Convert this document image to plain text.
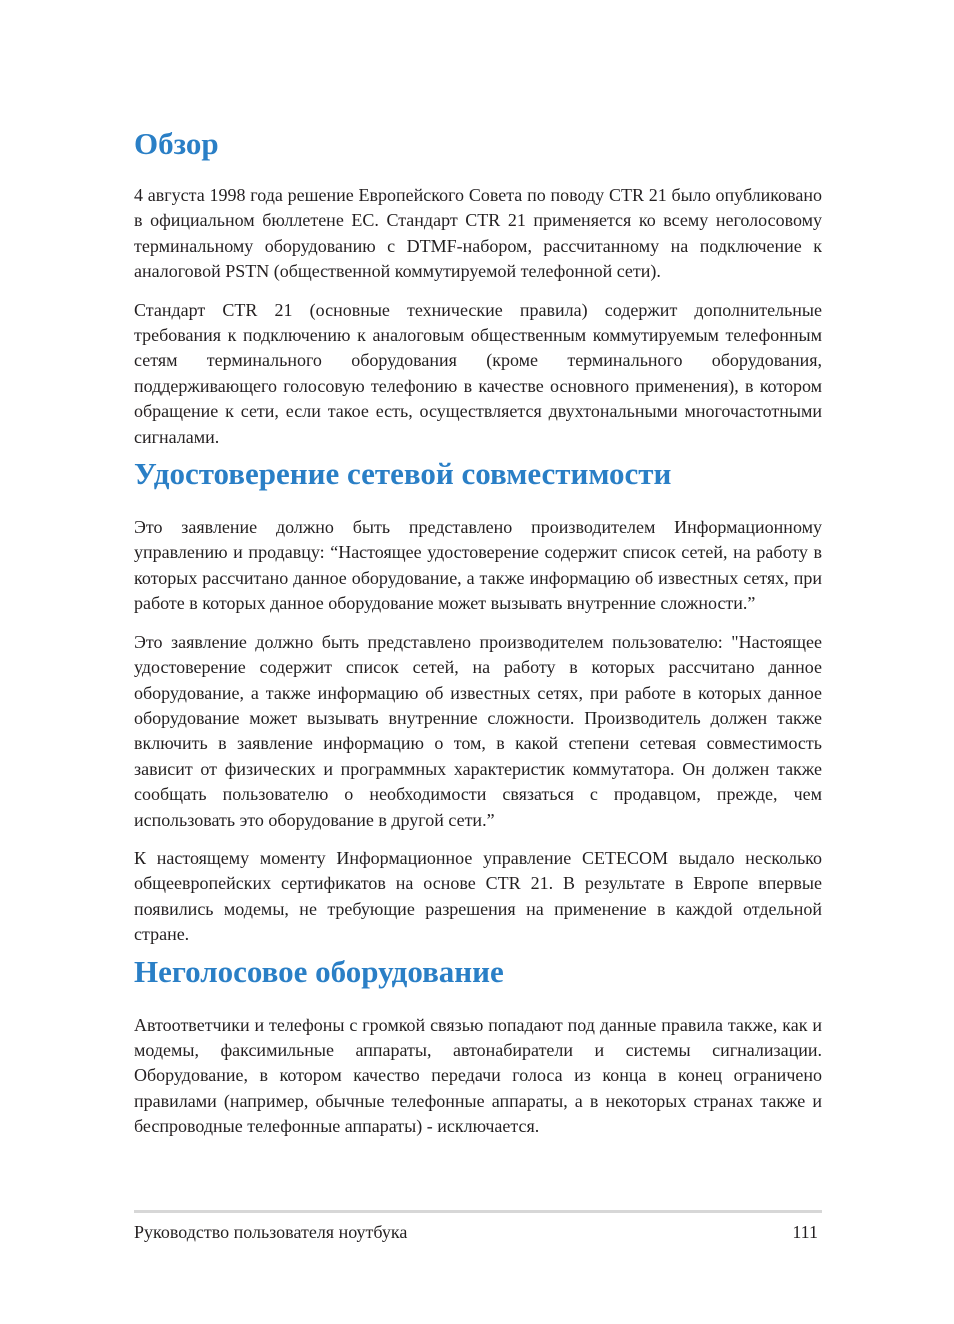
Обзор

4 августа 1998 года решение Европейского Совета по поводу CTR 21 было опубликовано в официальном бюллетене ЕС. Стандарт CTR 21 применяется ко всему неголосовому терминальному оборудованию с DTMF-набором, рассчитанному на подключение к аналоговой PSTN (общественной коммутируемой телефонной сети).

Стандарт CTR 21 (основные технические правила) содержит дополнительные требования к подключению к аналоговым общественным коммутируемым телефонным сетям терминального оборудования (кроме терминального оборудования, поддерживающего голосовую телефонию в качестве основного применения), в котором обращение к сети, если такое есть, осуществляется двухтональными многочастотными сигналами.

Удостоверение сетевой совместимости

Это заявление должно быть представлено производителем Информационному управлению и продавцу: “Настоящее удостоверение содержит список сетей, на работу в которых рассчитано данное оборудование, а также информацию об известных сетях, при работе в которых данное оборудование может вызывать внутренние сложности.”

Это заявление должно быть представлено производителем пользователю: "Настоящее удостоверение содержит список сетей, на работу в которых рассчитано данное оборудование, а также информацию об известных сетях, при работе в которых данное оборудование может вызывать внутренние сложности. Производитель должен также включить в заявление информацию о том, в какой степени сетевая совместимость зависит от физических и программных характеристик коммутатора. Он должен также сообщать пользователю о необходимости связаться с продавцом, прежде, чем использовать это оборудование в другой сети.”

К настоящему моменту Информационное управление CETECOM выдало несколько общеевропейских сертификатов на основе CTR 21. В результате в Европе впервые появились модемы, не требующие разрешения на применение в каждой отдельной стране.

Неголосовое оборудование

Автоответчики и телефоны с громкой связью попадают под данные правила также, как и модемы, факсимильные аппараты, автонабиратели и системы сигнализации. Оборудование, в котором качество передачи голоса из конца в конец ограничено правилами (например, обычные телефонные аппараты, а в некоторых странах также и беспроводные телефонные аппараты) - исключается.

Руководство пользователя ноутбука	111
